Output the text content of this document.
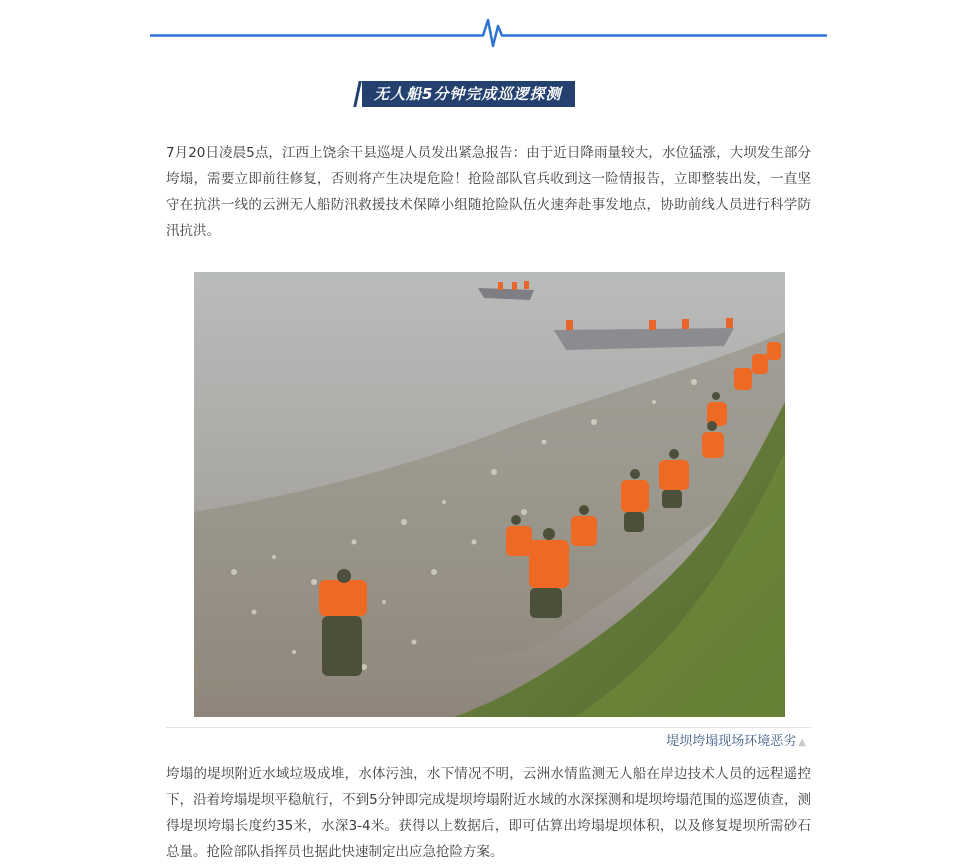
无人船5分钟完成巡逻探测

7月20日凌晨5点，江西上饶余干县巡堤人员发出紧急报告：由于近日降雨量较大，水位猛涨，大坝发生部分垮塌，需要立即前往修复，否则将产生决堤危险！抢险部队官兵收到这一险情报告，立即整装出发，一直坚守在抗洪一线的云洲无人船防汛救援技术保障小组随抢险队伍火速奔赴事发地点，协助前线人员进行科学防汛抗洪。

堤坝垮塌现场环境恶劣 ▲

垮塌的堤坝附近水域垃圾成堆，水体污浊，水下情况不明，云洲水情监测无人船在岸边技术人员的远程遥控下，沿着垮塌堤坝平稳航行，不到5分钟即完成堤坝垮塌附近水域的水深探测和堤坝垮塌范围的巡逻侦查，测得堤坝垮塌长度约35米，水深3-4米。获得以上数据后，即可估算出垮塌堤坝体积，以及修复堤坝所需砂石总量。抢险部队指挥员也据此快速制定出应急抢险方案。
